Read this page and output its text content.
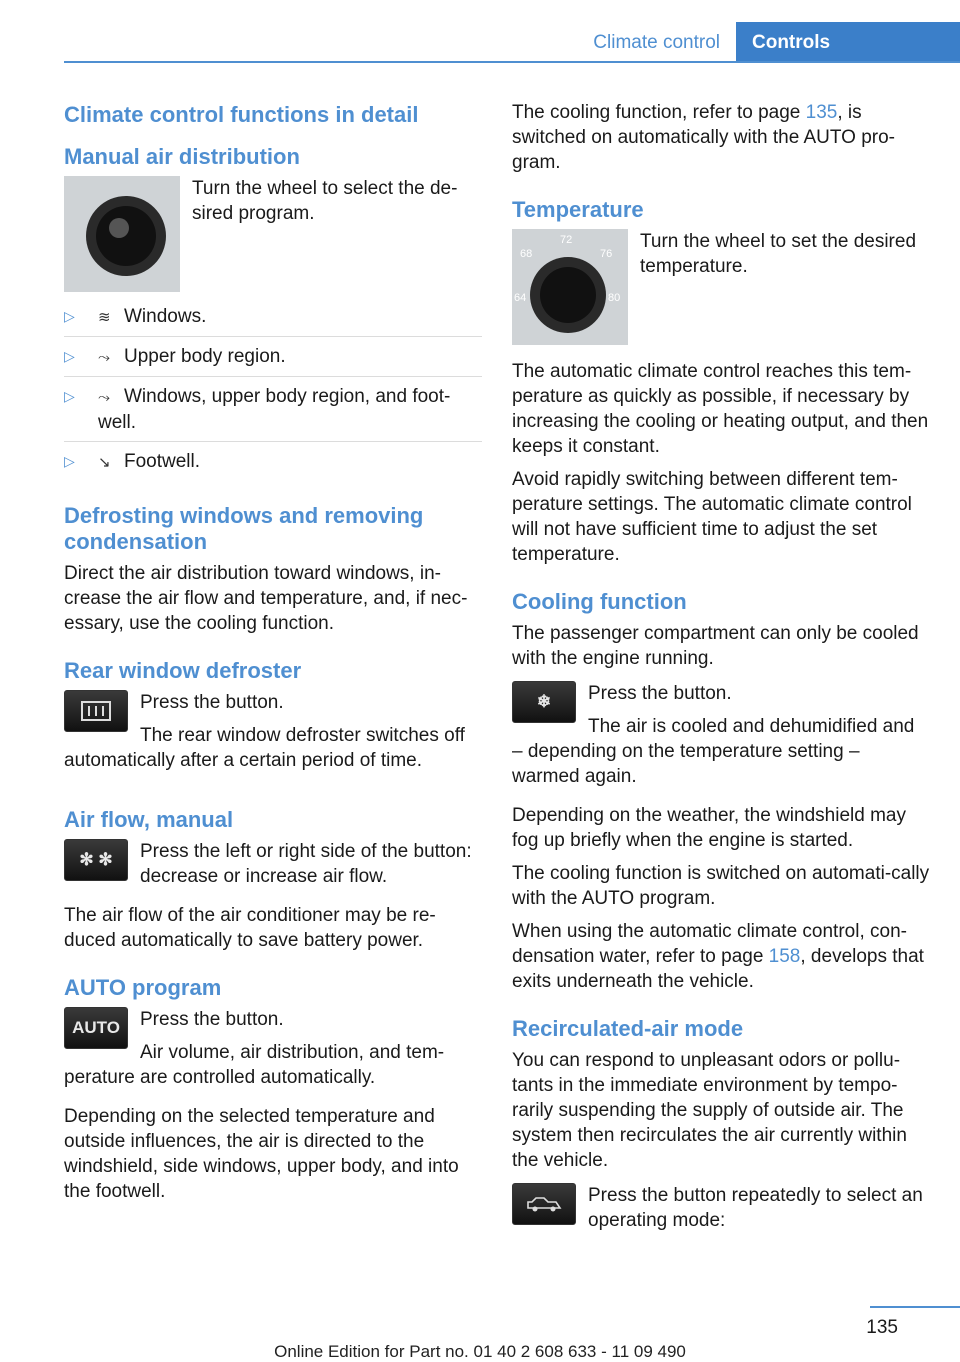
Climate control	Controls
Climate control functions in detail
Manual air distribution

Turn the wheel to select the de-sired program.

▷ ≋ Windows.
▷ ⤳ Upper body region.
▷ ⤳ Windows, upper body region, and foot-well.
▷ ↘ Footwell.
Defrosting windows and removing condensation

Direct the air distribution toward windows, in-crease the air flow and temperature, and, if nec-essary, use the cooling function.

Rear window defroster

Press the button.

The rear window defroster switches off automatically after a certain period of time.

Air flow, manual
✻ ✻	Press the left or right side of the button: decrease or increase air flow.

The air flow of the air conditioner may be re-duced automatically to save battery power.

AUTO program
AUTO	Press the button.

Air volume, air distribution, and tem-perature are controlled automatically.

Depending on the selected temperature and outside influences, the air is directed to the windshield, side windows, upper body, and into the footwell.

The cooling function, refer to page 135, is switched on automatically with the AUTO pro-gram.

Temperature
68
72
76
64	80

Turn the wheel to set the desired temperature.

The automatic climate control reaches this tem-perature as quickly as possible, if necessary by increasing the cooling or heating output, and then keeps it constant.

Avoid rapidly switching between different tem-perature settings. The automatic climate control will not have sufficient time to adjust the set temperature.

Cooling function

The passenger compartment can only be cooled with the engine running.

❄	Press the button.

The air is cooled and dehumidified and – depending on the temperature setting – warmed again.

Depending on the weather, the windshield may fog up briefly when the engine is started.

The cooling function is switched on automati-cally with the AUTO program.

When using the automatic climate control, con-densation water, refer to page 158, develops that exits underneath the vehicle.

Recirculated-air mode

You can respond to unpleasant odors or pollu-tants in the immediate environment by tempo-rarily suspending the supply of outside air. The system then recirculates the air currently within the vehicle.

Press the button repeatedly to select an operating mode:

135
Online Edition for Part no. 01 40 2 608 633 - 11 09 490
